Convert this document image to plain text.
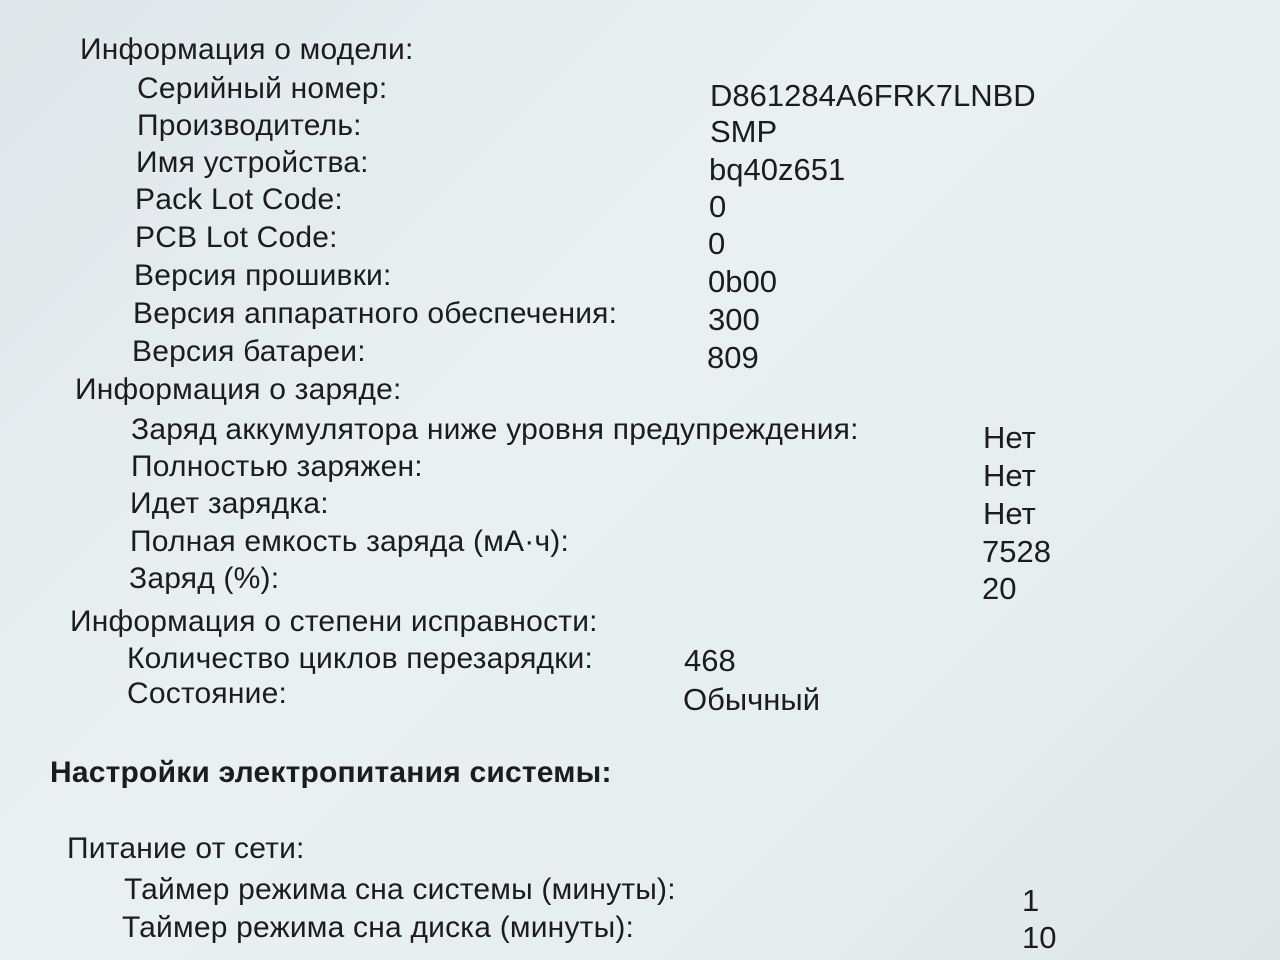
Информация о модели:
Серийный номер:	D861284A6FRK7LNBD
Производитель:	SMP
Имя устройства:	bq40z651
Pack Lot Code:	0
PCB Lot Code:	0
Версия прошивки:	0b00
Версия аппаратного обеспечения:	300
Версия батареи:	809
Информация о заряде:
Заряд аккумулятора ниже уровня предупреждения:	Нет
Полностью заряжен:	Нет
Идет зарядка:	Нет
Полная емкость заряда (мА·ч):	7528
Заряд (%):	20
Информация о степени исправности:
Количество циклов перезарядки:	468
Состояние:	Обычный
Настройки электропитания системы:
Питание от сети:
Таймер режима сна системы (минуты):	1
Таймер режима сна диска (минуты):	10
